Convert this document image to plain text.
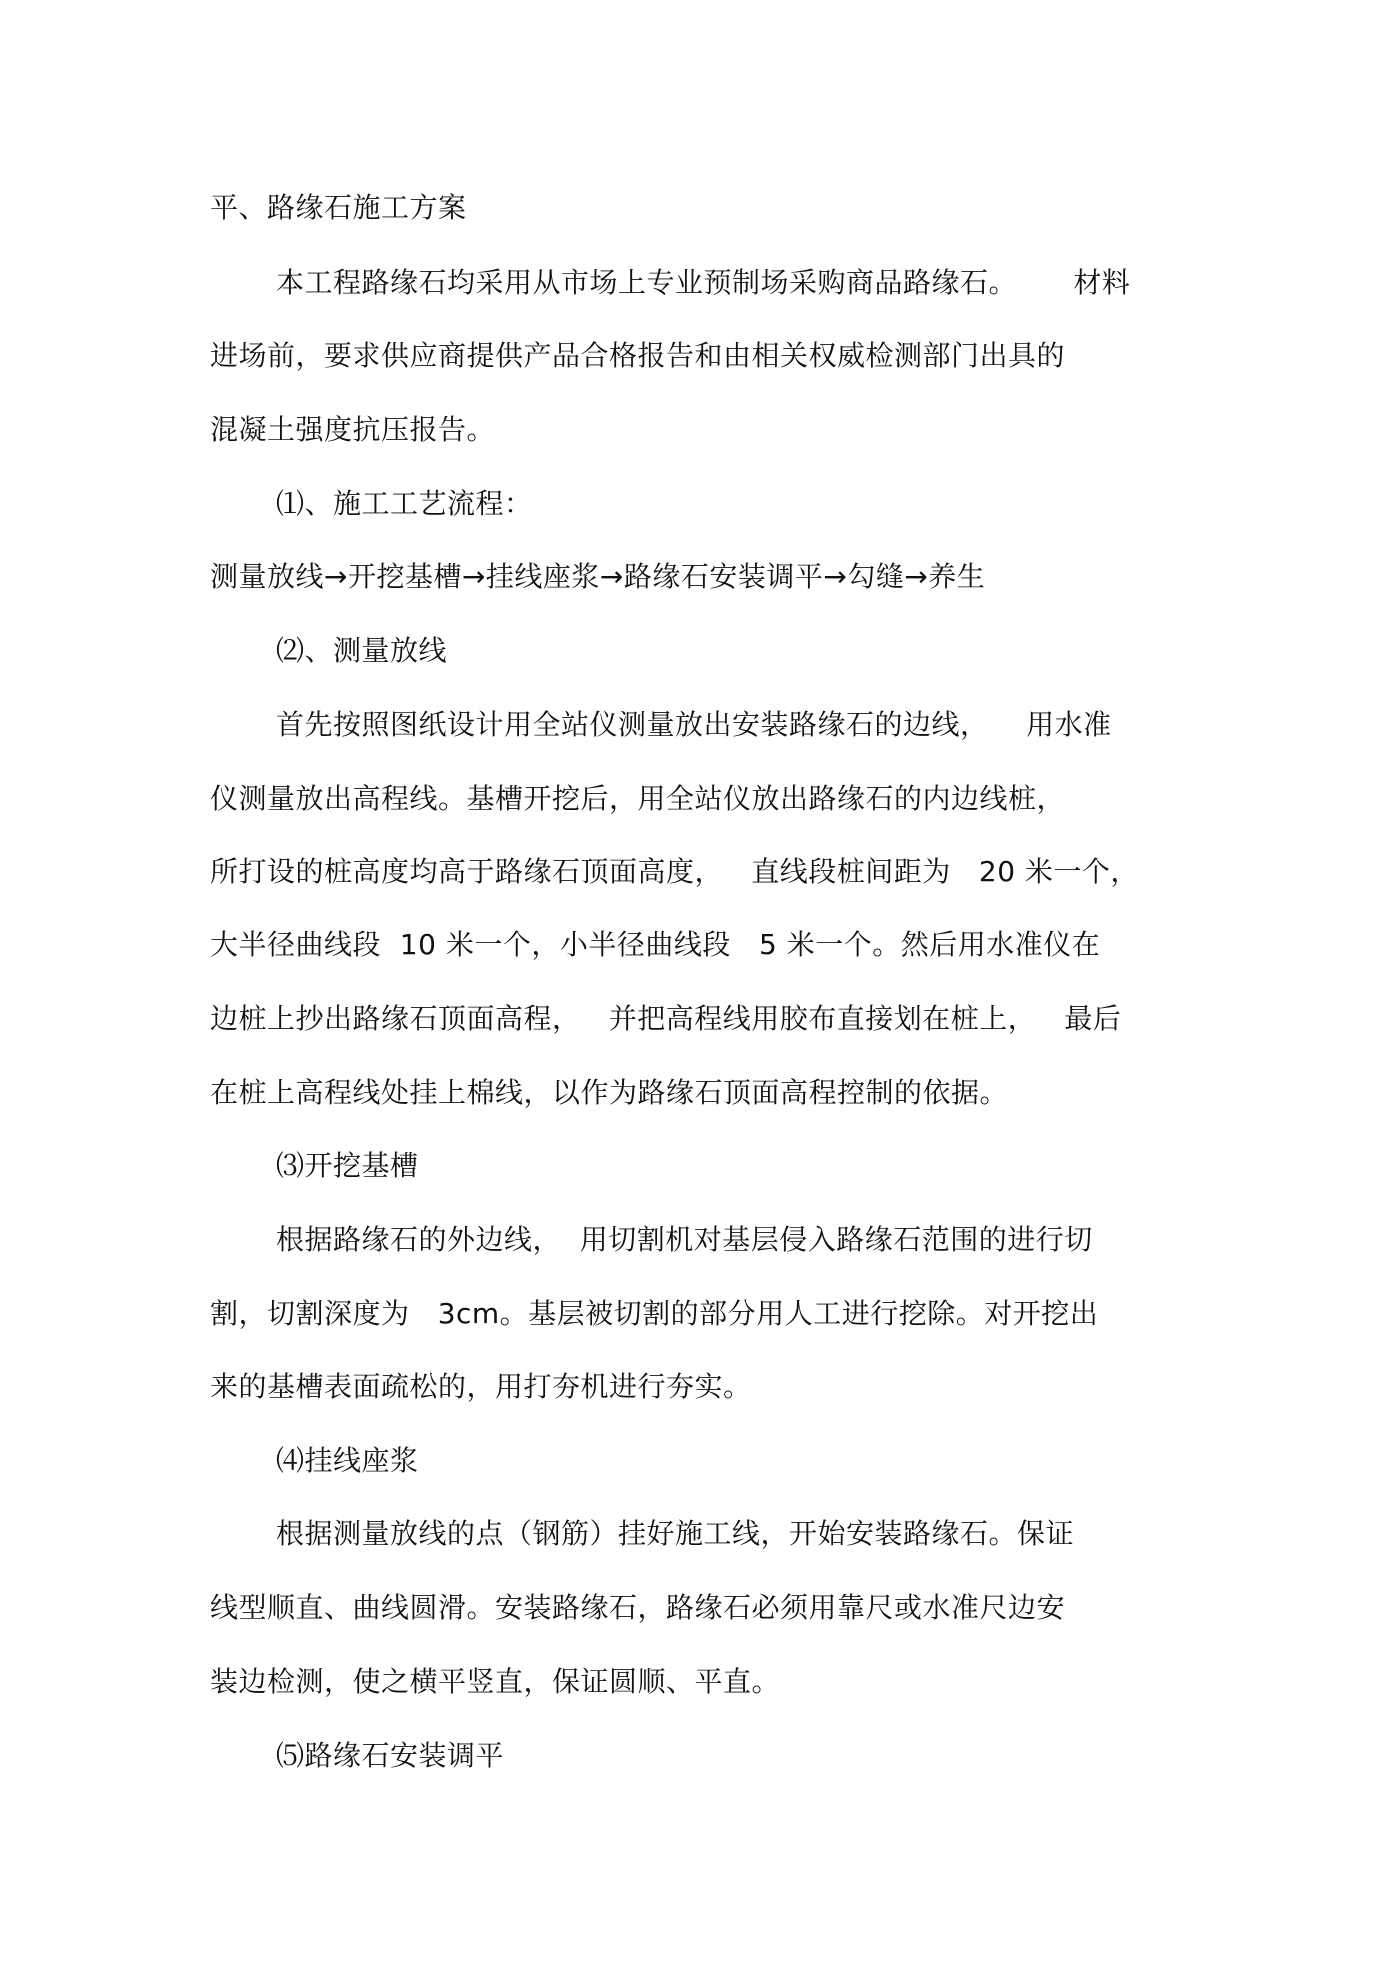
平、路缘石施工方案
本工程路缘石均采用从市场上专业预制场采购商品路缘石。      材料
进场前，要求供应商提供产品合格报告和由相关权威检测部门出具的
混凝土强度抗压报告。
⑴、施工工艺流程：
测量放线→开挖基槽→挂线座浆→路缘石安装调平→勾缝→养生
⑵、测量放线
首先按照图纸设计用全站仪测量放出安装路缘石的边线，    用水准
仪测量放出高程线。基槽开挖后，用全站仪放出路缘石的内边线桩，
所打设的桩高度均高于路缘石顶面高度，   直线段桩间距为   20 米一个，
大半径曲线段  10 米一个，小半径曲线段   5 米一个。然后用水准仪在
边桩上抄出路缘石顶面高程，   并把高程线用胶布直接划在桩上，   最后
在桩上高程线处挂上棉线，以作为路缘石顶面高程控制的依据。
⑶开挖基槽
根据路缘石的外边线，  用切割机对基层侵入路缘石范围的进行切
割，切割深度为   3cm。基层被切割的部分用人工进行挖除。对开挖出
来的基槽表面疏松的，用打夯机进行夯实。
⑷挂线座浆
根据测量放线的点（钢筋）挂好施工线，开始安装路缘石。保证
线型顺直、曲线圆滑。安装路缘石，路缘石必须用靠尺或水准尺边安
装边检测，使之横平竖直，保证圆顺、平直。
⑸路缘石安装调平
